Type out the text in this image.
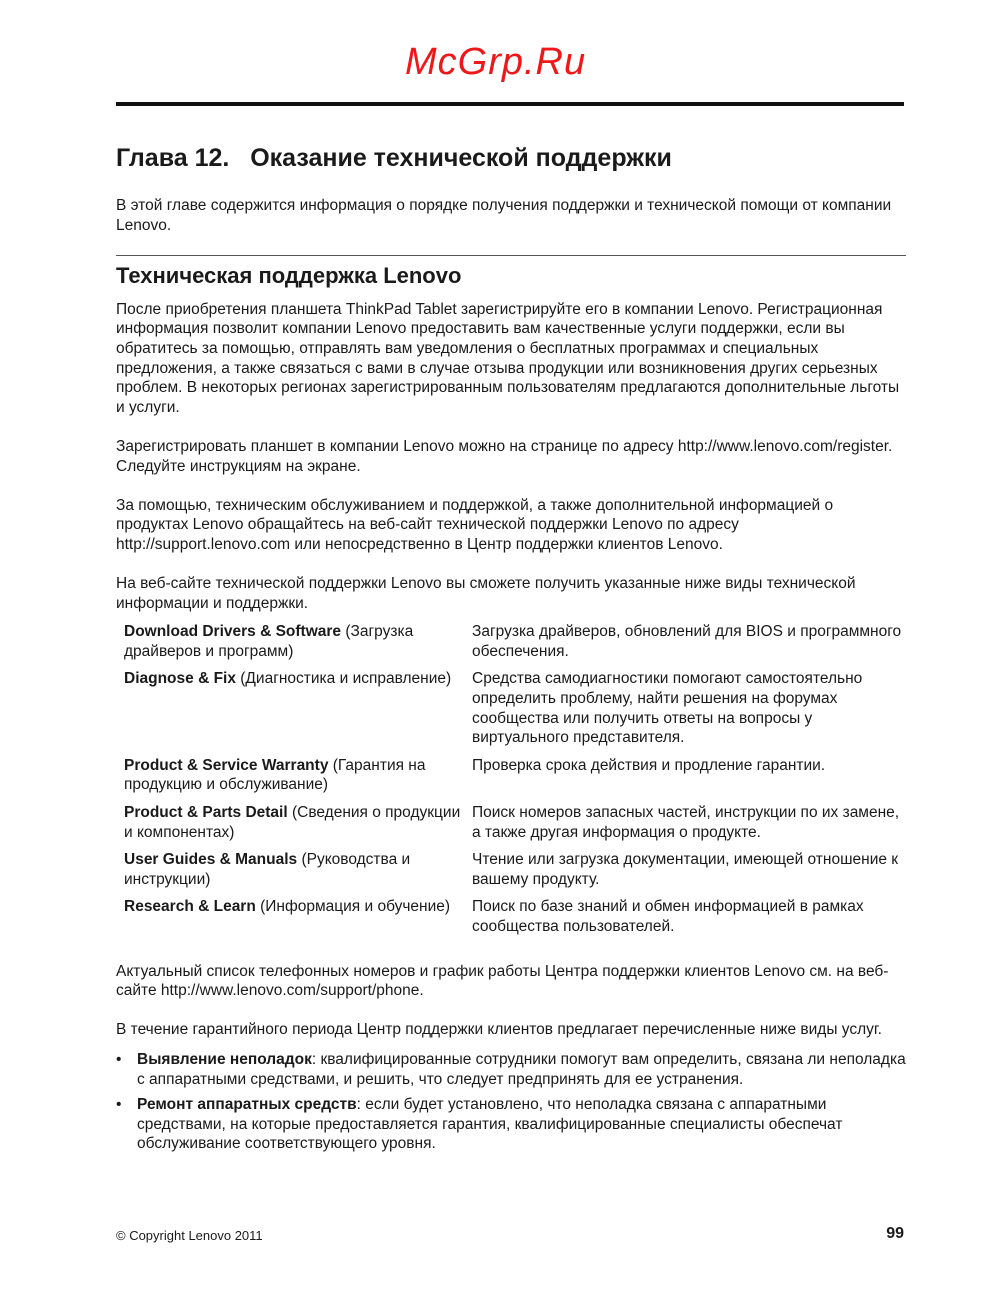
McGrp.Ru
Глава 12.   Оказание технической поддержки

В этой главе содержится информация о порядке получения поддержки и технической помощи от компании Lenovo.

Техническая поддержка Lenovo

После приобретения планшета ThinkPad Tablet зарегистрируйте его в компании Lenovo. Регистрационная информация позволит компании Lenovo предоставить вам качественные услуги поддержки, если вы обратитесь за помощью, отправлять вам уведомления о бесплатных программах и специальных предложения, а также связаться с вами в случае отзыва продукции или возникновения других серьезных проблем. В некоторых регионах зарегистрированным пользователям предлагаются дополнительные льготы и услуги.

Зарегистрировать планшет в компании Lenovo можно на странице по адресу http://www.lenovo.com/register. Следуйте инструкциям на экране.

За помощью, техническим обслуживанием и поддержкой, а также дополнительной информацией о продуктах Lenovo обращайтесь на веб-сайт технической поддержки Lenovo по адресу http://support.lenovo.com или непосредственно в Центр поддержки клиентов Lenovo.

На веб-сайте технической поддержки Lenovo вы сможете получить указанные ниже виды технической информации и поддержки.

Download Drivers & Software (Загрузка драйверов и программ)	Загрузка драйверов, обновлений для BIOS и программного обеспечения.
Diagnose & Fix (Диагностика и исправление)	Средства самодиагностики помогают самостоятельно определить проблему, найти решения на форумах сообщества или получить ответы на вопросы у виртуального представителя.
Product & Service Warranty (Гарантия на продукцию и обслуживание)	Проверка срока действия и продление гарантии.
Product & Parts Detail (Сведения о продукции и компонентах)	Поиск номеров запасных частей, инструкции по их замене, а также другая информация о продукте.
User Guides & Manuals (Руководства и инструкции)	Чтение или загрузка документации, имеющей отношение к вашему продукту.
Research & Learn (Информация и обучение)	Поиск по базе знаний и обмен информацией в рамках сообщества пользователей.

Актуальный список телефонных номеров и график работы Центра поддержки клиентов Lenovo см. на веб-сайте http://www.lenovo.com/support/phone.

В течение гарантийного периода Центр поддержки клиентов предлагает перечисленные ниже виды услуг.

• Выявление неполадок: квалифицированные сотрудники помогут вам определить, связана ли неполадка с аппаратными средствами, и решить, что следует предпринять для ее устранения.
• Ремонт аппаратных средств: если будет установлено, что неполадка связана с аппаратными средствами, на которые предоставляется гарантия, квалифицированные специалисты обеспечат обслуживание соответствующего уровня.
© Copyright Lenovo 2011	99
